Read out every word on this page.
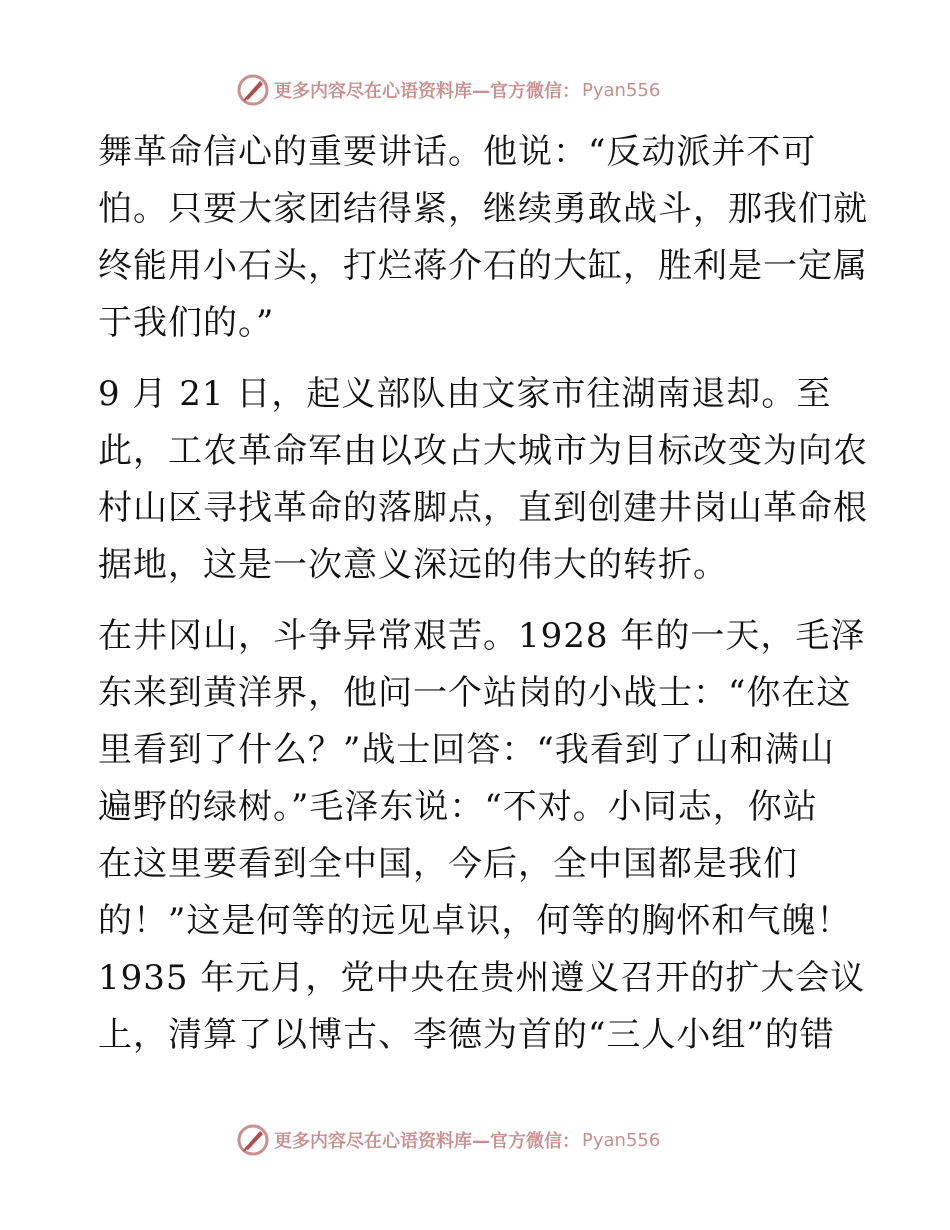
更多内容尽在心语资料库—官方微信： Pyan556
舞革命信心的重要讲话。他说：“反动派并不可
怕。只要大家团结得紧，继续勇敢战斗，那我们就
终能用小石头，打烂蒋介石的大缸，胜利是一定属
于我们的。”
9 月 21 日，起义部队由文家市往湖南退却。至
此，工农革命军由以攻占大城市为目标改变为向农
村山区寻找革命的落脚点，直到创建井岗山革命根
据地，这是一次意义深远的伟大的转折。
在井冈山，斗争异常艰苦。1928 年的一天，毛泽
东来到黄洋界，他问一个站岗的小战士：“你在这
里看到了什么？”战士回答：“我看到了山和满山
遍野的绿树。”毛泽东说：“不对。小同志，你站
在这里要看到全中国，今后，全中国都是我们
的！”这是何等的远见卓识，何等的胸怀和气魄！
1935 年元月，党中央在贵州遵义召开的扩大会议
上，清算了以博古、李德为首的“三人小组”的错
更多内容尽在心语资料库—官方微信： Pyan556
